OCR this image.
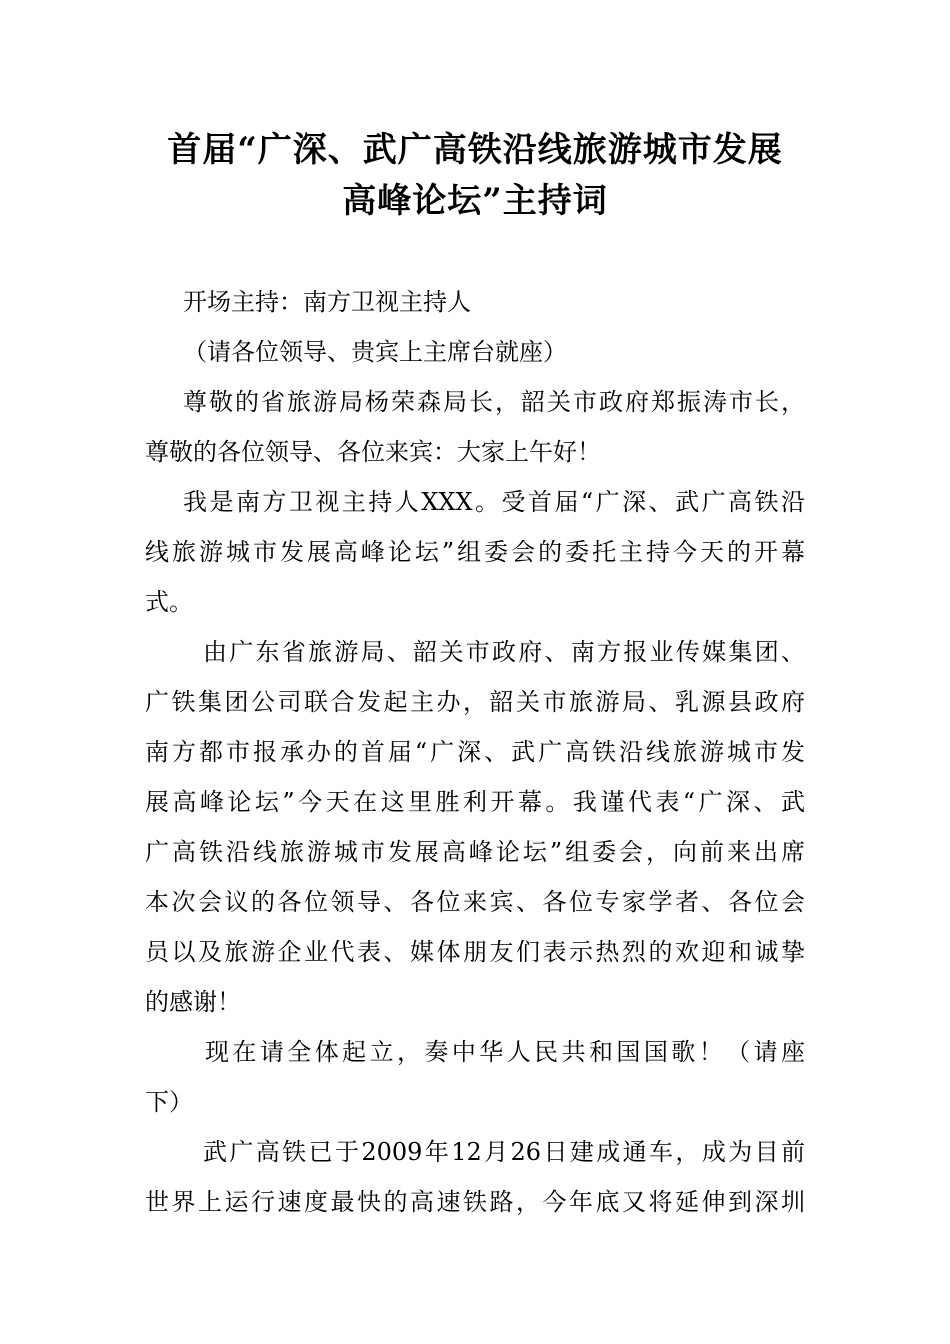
首届“广深、武广高铁沿线旅游城市发展
高峰论坛”主持词
开场主持：南方卫视主持人
（请各位领导、贵宾上主席台就座）
尊敬的省旅游局杨荣森局长，韶关市政府郑振涛市长，
尊敬的各位领导、各位来宾：大家上午好！
我是南方卫视主持人XXX。受首届“广深、武广高铁沿
线旅游城市发展高峰论坛”组委会的委托主持今天的开幕
式。
由广东省旅游局、韶关市政府、南方报业传媒集团、
广铁集团公司联合发起主办，韶关市旅游局、乳源县政府
南方都市报承办的首届“广深、武广高铁沿线旅游城市发
展高峰论坛”今天在这里胜利开幕。我谨代表“广深、武
广高铁沿线旅游城市发展高峰论坛”组委会，向前来出席
本次会议的各位领导、各位来宾、各位专家学者、各位会
员以及旅游企业代表、媒体朋友们表示热烈的欢迎和诚挚
的感谢！
现在请全体起立，奏中华人民共和国国歌！（请座
下）
武广高铁已于2009年12月26日建成通车，成为目前
世界上运行速度最快的高速铁路，今年底又将延伸到深圳
